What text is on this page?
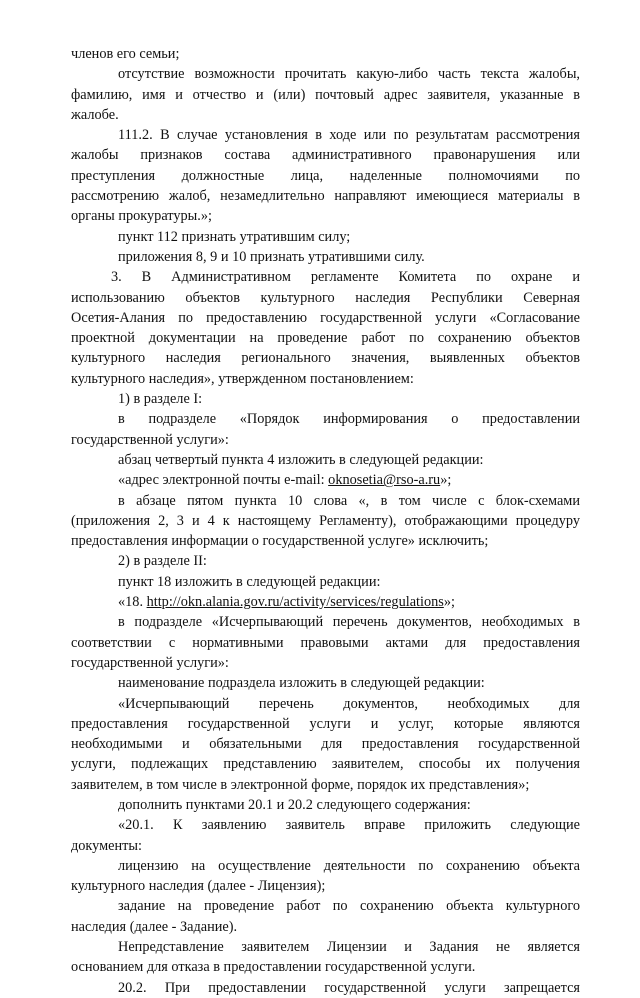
членов его семьи;
отсутствие возможности прочитать какую-либо часть текста жалобы,
фамилию, имя и отчество и (или) почтовый адрес заявителя, указанные в
жалобе.
111.2. В случае установления в ходе или по результатам рассмотрения
жалобы признаков состава административного правонарушения или
преступления должностные лица, наделенные полномочиями по
рассмотрению жалоб, незамедлительно направляют имеющиеся материалы в
органы прокуратуры.»;
пункт 112 признать утратившим силу;
приложения 8, 9 и 10 признать утратившими силу.
3. В Административном регламенте Комитета по охране и
использованию объектов культурного наследия Республики Северная
Осетия-Алания по предоставлению государственной услуги «Согласование
проектной документации на проведение работ по сохранению объектов
культурного наследия регионального значения, выявленных объектов
культурного наследия», утвержденном постановлением:
1) в разделе I:
в подразделе «Порядок информирования о предоставлении
государственной услуги»:
абзац четвертый пункта 4 изложить в следующей редакции:
«адрес электронной почты e-mail: oknosetia@rso-a.ru»;
в абзаце пятом пункта 10 слова «, в том числе с блок-схемами
(приложения 2, 3 и 4 к настоящему Регламенту), отображающими процедуру
предоставления информации о государственной услуге» исключить;
2) в разделе II:
пункт 18 изложить в следующей редакции:
«18. http://okn.alania.gov.ru/activity/services/regulations»;
в подразделе «Исчерпывающий перечень документов, необходимых в
соответствии с нормативными правовыми актами для предоставления
государственной услуги»:
наименование подраздела изложить в следующей редакции:
«Исчерпывающий перечень документов, необходимых для
предоставления государственной услуги и услуг, которые являются
необходимыми и обязательными для предоставления государственной
услуги, подлежащих представлению заявителем, способы их получения
заявителем, в том числе в электронной форме, порядок их представления»;
дополнить пунктами 20.1 и 20.2 следующего содержания:
«20.1. К заявлению заявитель вправе приложить следующие
документы:
лицензию на осуществление деятельности по сохранению объекта
культурного наследия (далее - Лицензия);
задание на проведение работ по сохранению объекта культурного
наследия (далее - Задание).
Непредставление заявителем Лицензии и Задания не является
основанием для отказа в предоставлении государственной услуги.
20.2. При предоставлении государственной услуги запрещается
